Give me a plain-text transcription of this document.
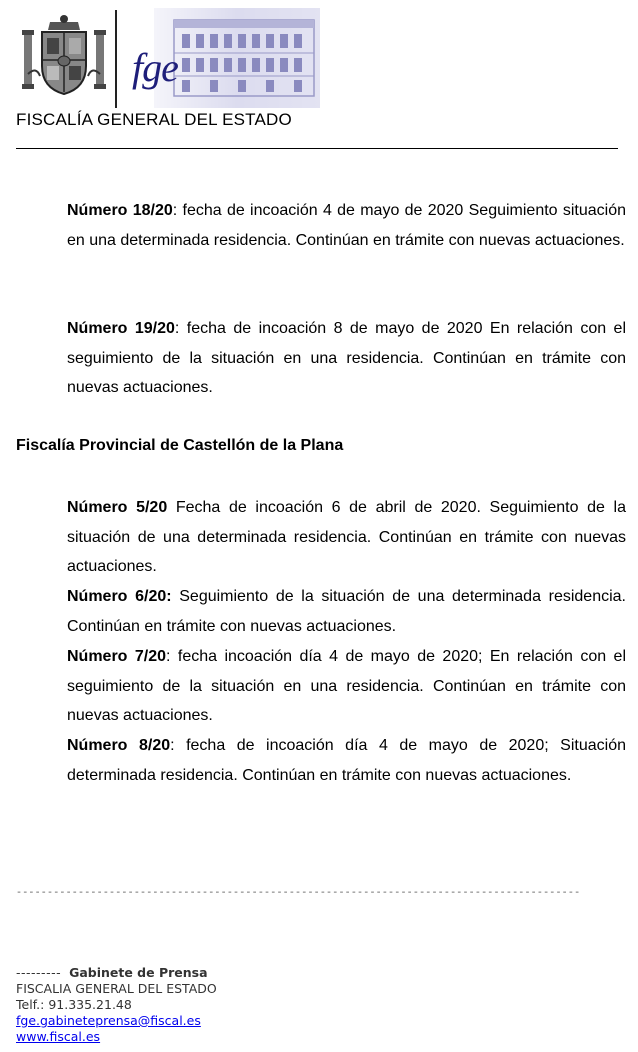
fge
FISCALÍA GENERAL DEL ESTADO
Número 18/20: fecha de incoación 4 de mayo de 2020 Seguimiento situación en una determinada residencia. Continúan en trámite con nuevas actuaciones.
Número 19/20: fecha de incoación 8 de mayo de 2020 En relación con el seguimiento de la situación en una residencia. Continúan en trámite con nuevas actuaciones.
Fiscalía Provincial de Castellón de la Plana
Número 5/20 Fecha de incoación 6 de abril de 2020. Seguimiento de la situación de una determinada residencia. Continúan en trámite con nuevas actuaciones.
Número 6/20: Seguimiento de la situación de una determinada residencia. Continúan en trámite con nuevas actuaciones.
Número 7/20: fecha incoación día 4 de mayo de 2020; En relación con el seguimiento de la situación en una residencia. Continúan en trámite con nuevas actuaciones.
Número 8/20: fecha de incoación día 4 de mayo de 2020; Situación determinada residencia. Continúan en trámite con nuevas actuaciones.
-------------------------------------------------------------------------------------------
--------- Gabinete de Prensa
FISCALIA GENERAL DEL ESTADO
Telf.: 91.335.21.48
fge.gabineteprensa@fiscal.es
www.fiscal.es
